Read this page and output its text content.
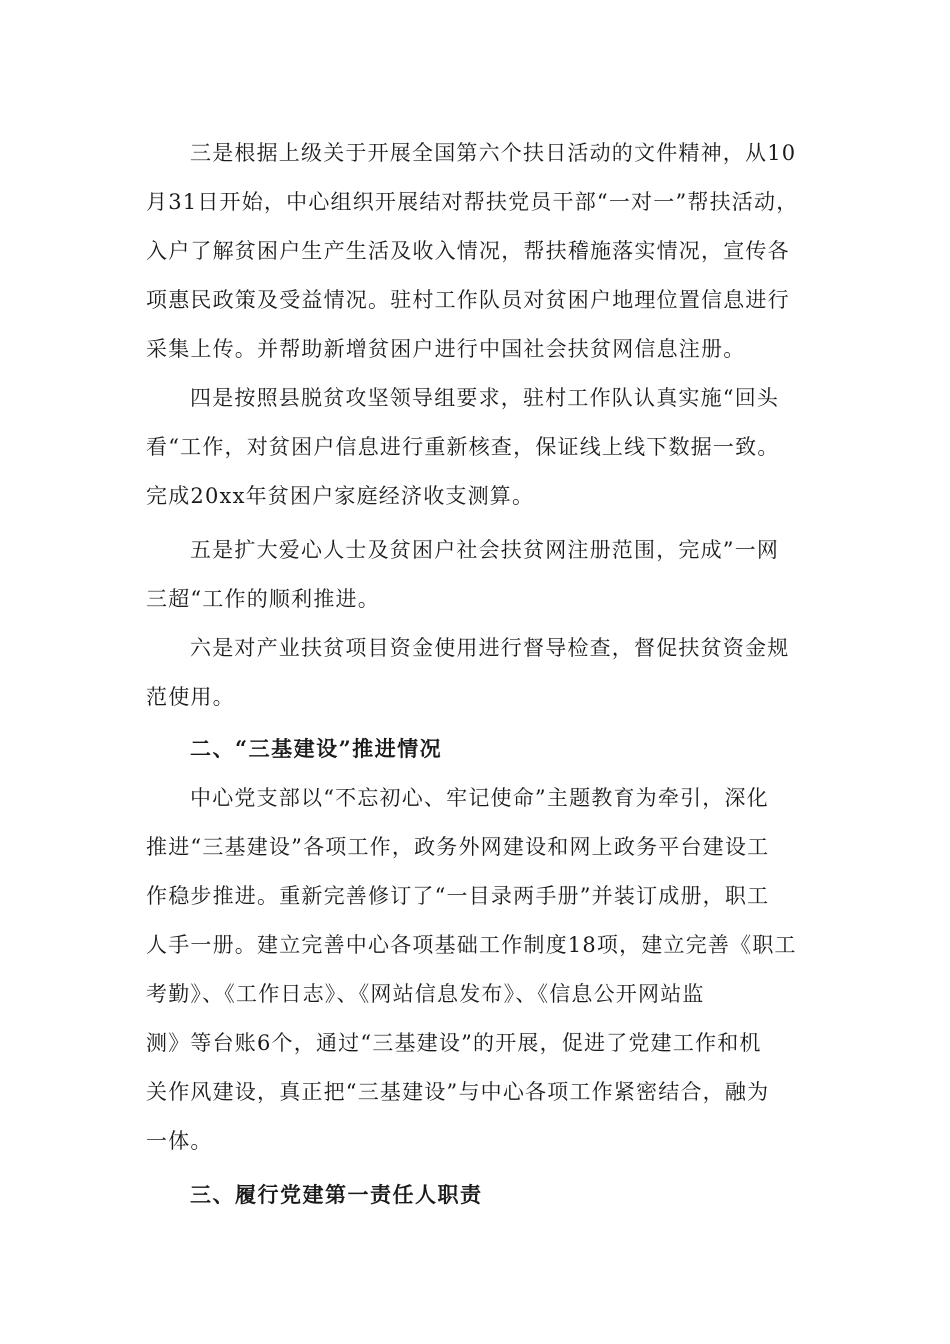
三是根据上级关于开展全国第六个扶日活动的文件精神，从10
月31日开始，中心组织开展结对帮扶党员干部“一对一”帮扶活动，
入户了解贫困户生产生活及收入情况，帮扶稽施落实情况，宣传各
项惠民政策及受益情况。驻村工作队员对贫困户地理位置信息进行
采集上传。并帮助新增贫困户进行中国社会扶贫网信息注册。
四是按照县脱贫攻坚领导组要求，驻村工作队认真实施“回头
看“工作，对贫困户信息进行重新核查，保证线上线下数据一致。
完成20xx年贫困户家庭经济收支测算。
五是扩大爱心人士及贫困户社会扶贫网注册范围，完成”一网
三超“工作的顺利推进。
六是对产业扶贫项目资金使用进行督导检查，督促扶贫资金规
范使用。
二、“三基建设”推进情况
中心党支部以“不忘初心、牢记使命”主题教育为牵引，深化
推进“三基建设”各项工作，政务外网建设和网上政务平台建设工
作稳步推进。重新完善修订了“一目录两手册”并装订成册，职工
人手一册。建立完善中心各项基础工作制度18项，建立完善《职工
考勤》、《工作日志》、《网站信息发布》、《信息公开网站监
测》等台账6个，通过“三基建设”的开展，促进了党建工作和机
关作风建设，真正把“三基建设”与中心各项工作紧密结合，融为
一体。
三、履行党建第一责任人职责
